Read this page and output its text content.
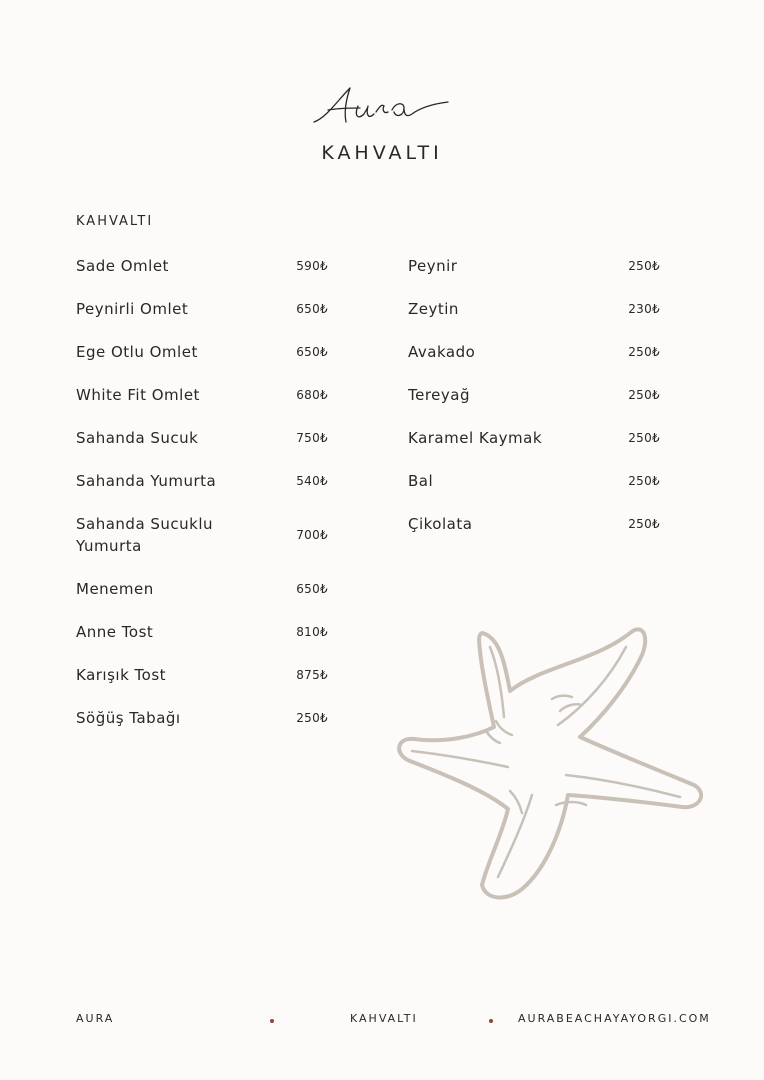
KAHVALTI
KAHVALTI
Sade Omlet	590₺
Peynirli Omlet	650₺
Ege Otlu Omlet	650₺
White Fit Omlet	680₺
Sahanda Sucuk	750₺
Sahanda Yumurta	540₺
Sahanda Sucuklu Yumurta
700₺
Menemen	650₺
Anne Tost	810₺
Karışık Tost	875₺
Söğüş Tabağı	250₺
Peynir	250₺
Zeytin	230₺
Avakado	250₺
Tereyağ	250₺
Karamel Kaymak	250₺
Bal	250₺
Çikolata	250₺
AURA	KAHVALTI	AURABEACHAYAYORGI.COM
